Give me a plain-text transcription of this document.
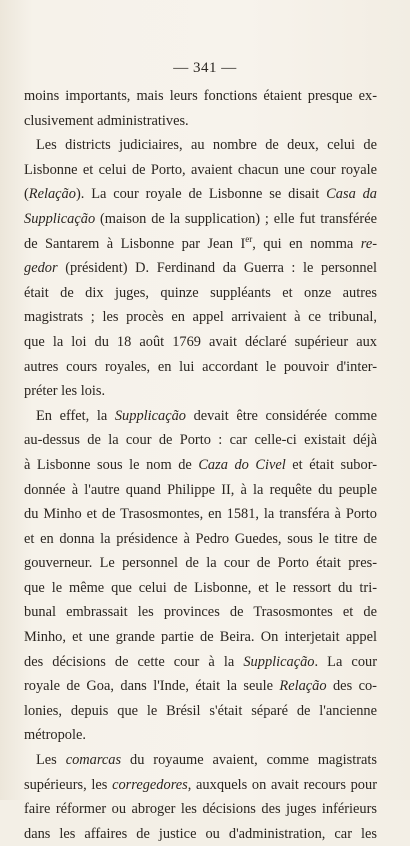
— 341 —
moins importants, mais leurs fonctions étaient presque ex-
clusivement administratives.
Les districts judiciaires, au nombre de deux, celui de
Lisbonne et celui de Porto, avaient chacun une cour royale
(Relação). La cour royale de Lisbonne se disait Casa da
Supplicação (maison de la supplication) ; elle fut transférée
de Santarem à Lisbonne par Jean Ier, qui en nomma re-
gedor (président) D. Ferdinand da Guerra : le personnel
était de dix juges, quinze suppléants et onze autres
magistrats ; les procès en appel arrivaient à ce tribunal,
que la loi du 18 août 1769 avait déclaré supérieur aux
autres cours royales, en lui accordant le pouvoir d'inter-
préter les lois.
En effet, la Supplicação devait être considérée comme
au-dessus de la cour de Porto : car celle-ci existait déjà
à Lisbonne sous le nom de Caza do Civel et était subor-
donnée à l'autre quand Philippe II, à la requête du peuple
du Minho et de Trasosmontes, en 1581, la transféra à Porto
et en donna la présidence à Pedro Guedes, sous le titre de
gouverneur. Le personnel de la cour de Porto était pres-
que le même que celui de Lisbonne, et le ressort du tri-
bunal embrassait les provinces de Trasosmontes et de
Minho, et une grande partie de Beira. On interjetait appel
des décisions de cette cour à la Supplicação. La cour
royale de Goa, dans l'Inde, était la seule Relação des co-
lonies, depuis que le Brésil s'était séparé de l'ancienne
métropole.
Les comarcas du royaume avaient, comme magistrats
supérieurs, les corregedores, auxquels on avait recours pour
faire réformer ou abroger les décisions des juges inférieurs
dans les affaires de justice ou d'administration, car les
